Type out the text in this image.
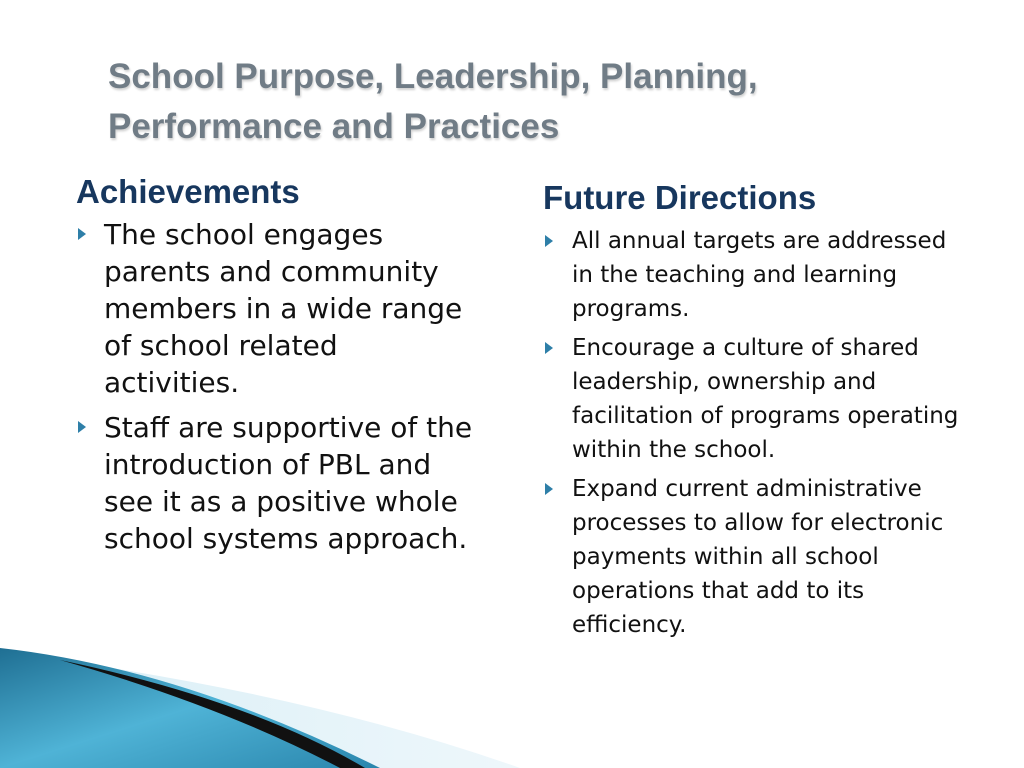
School Purpose, Leadership, Planning, Performance and Practices
Achievements
The school engages parents and community members in a wide range of school related activities.
Staff are supportive of the introduction of PBL and see it as a positive whole school systems approach.
Future Directions
All annual targets are addressed in the teaching and learning programs.
Encourage a culture of shared leadership, ownership and facilitation of programs operating within the school.
Expand current administrative processes to allow for electronic payments within all school operations that add to its efficiency.
